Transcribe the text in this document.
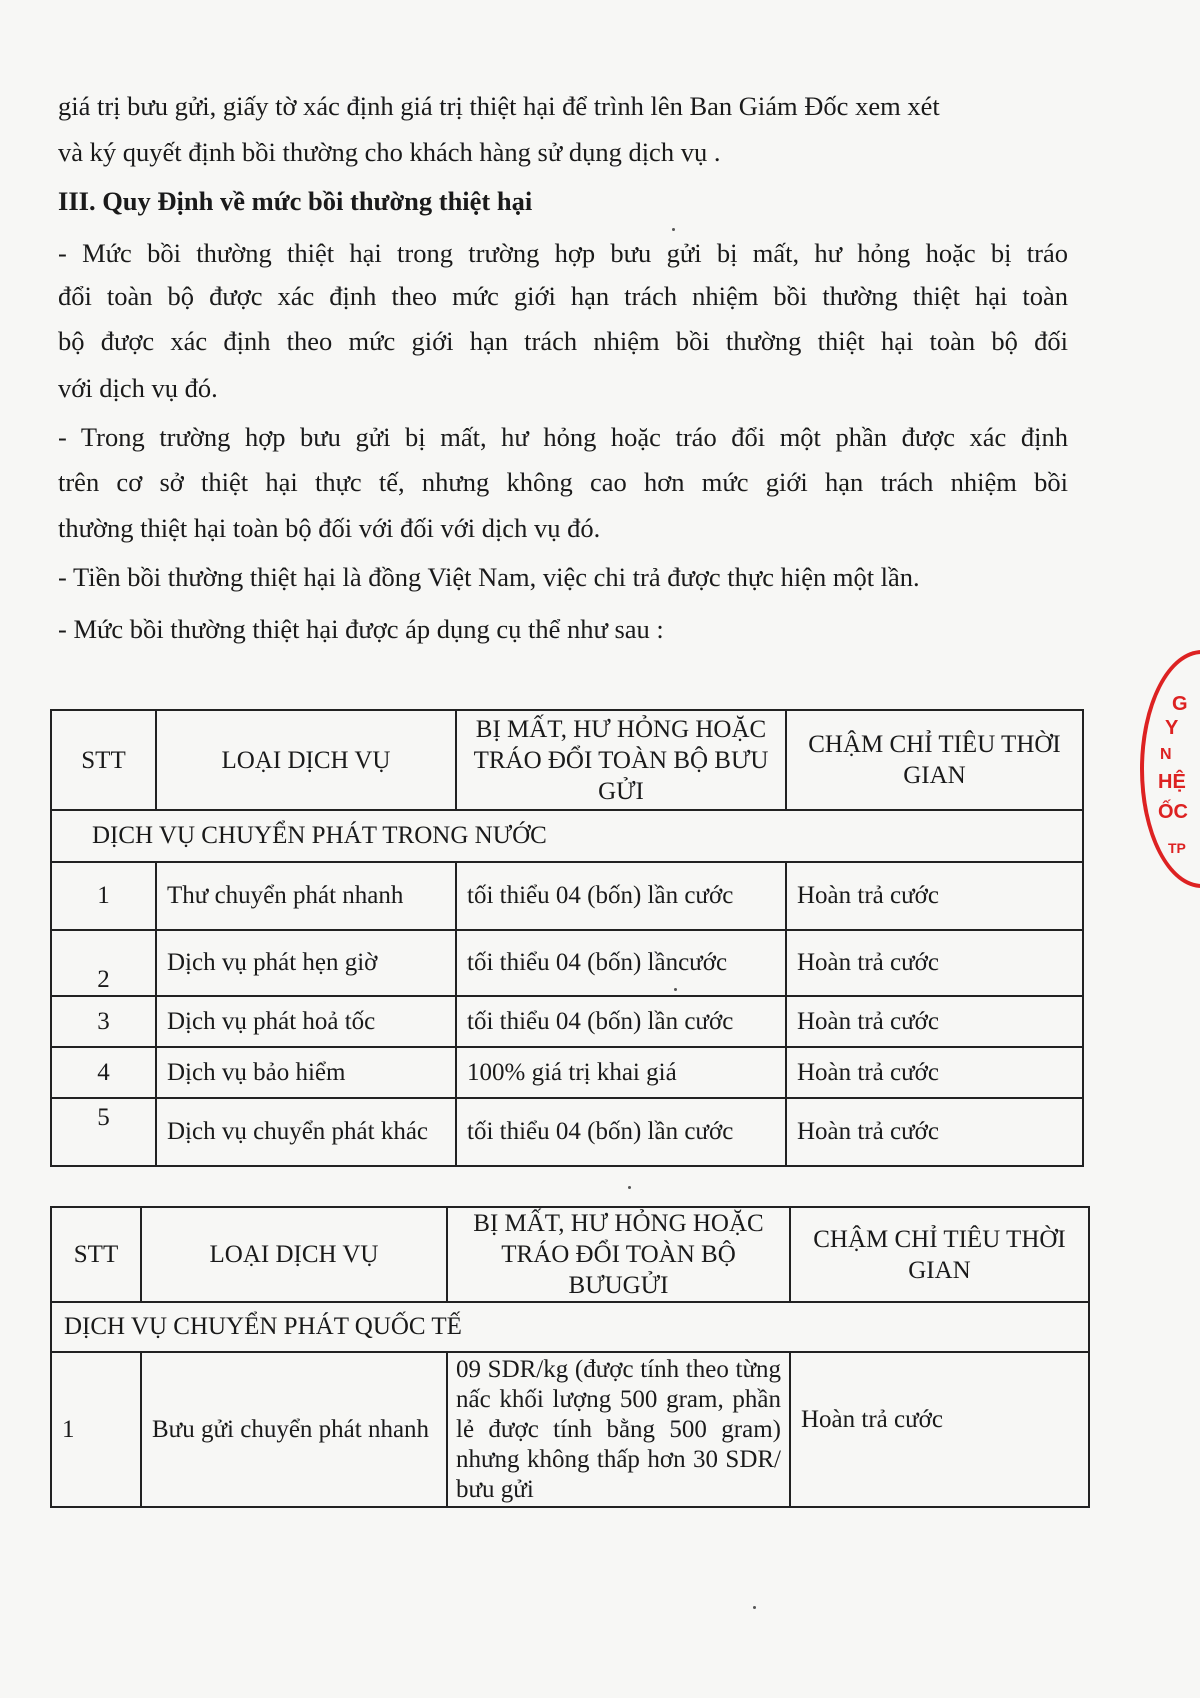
giá trị bưu gửi, giấy tờ xác định giá trị thiệt hại để trình lên Ban Giám Đốc xem xét
và ký quyết định bồi thường cho khách hàng sử dụng dịch vụ .
III. Quy Định về mức bồi thường thiệt hại
- Mức bồi thường thiệt hại trong trường hợp bưu gửi bị mất, hư hỏng hoặc bị tráo
đổi toàn bộ được xác định theo mức giới hạn trách nhiệm bồi thường thiệt hại toàn
bộ được xác định theo mức giới hạn trách nhiệm bồi thường thiệt hại toàn bộ đối
với dịch vụ đó.
- Trong trường hợp bưu gửi bị mất, hư hỏng hoặc tráo đổi một phần được xác định
trên cơ sở thiệt hại thực tế, nhưng không cao hơn mức giới hạn trách nhiệm bồi
thường thiệt hại toàn bộ đối với đối với dịch vụ đó.
- Tiền bồi thường thiệt hại là đồng Việt Nam, việc chi trả được thực hiện một lần.
- Mức bồi thường thiệt hại được áp dụng cụ thể như sau :
STT	LOẠI DỊCH VỤ	BỊ MẤT, HƯ HỎNG HOẶC TRÁO ĐỔI TOÀN BỘ BƯU GỬI	CHẬM CHỈ TIÊU THỜI GIAN
DỊCH VỤ CHUYỂN PHÁT TRONG NƯỚC			
1	Thư chuyển phát nhanh	tối thiểu 04 (bốn) lần cước	Hoàn trả cước
2	Dịch vụ phát hẹn giờ	tối thiểu 04 (bốn) lầncước	Hoàn trả cước
3	Dịch vụ phát hoả tốc	tối thiểu 04 (bốn) lần cước	Hoàn trả cước
4	Dịch vụ bảo hiểm	100% giá trị khai giá	Hoàn trả cước
5	Dịch vụ chuyển phát khác	tối thiểu 04 (bốn) lần cước	Hoàn trả cước
STT	LOẠI DỊCH VỤ	BỊ MẤT, HƯ HỎNG HOẶC TRÁO ĐỔI TOÀN BỘ BƯUGỬI	CHẬM CHỈ TIÊU THỜI GIAN
DỊCH VỤ CHUYỂN PHÁT QUỐC TẾ			
1	Bưu gửi chuyển phát nhanh	09 SDR/kg (được tính theo từng nấc khối lượng 500 gram, phần lẻ được tính bằng 500 gram) nhưng không thấp hơn 30 SDR/ bưu gửi	Hoàn trả cước
G
Y
N
HỆ
ỐC
TP
